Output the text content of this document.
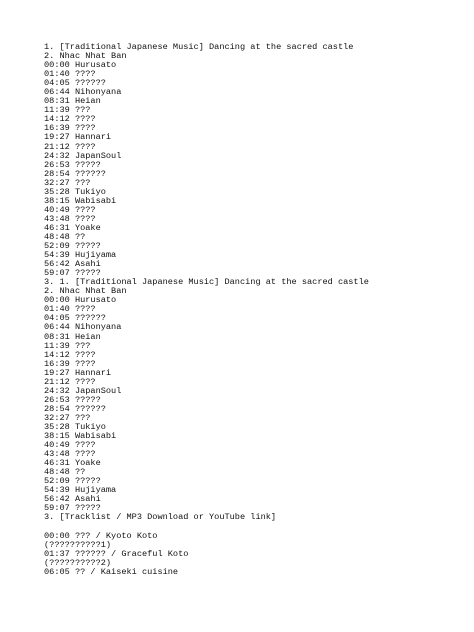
1. [Traditional Japanese Music] Dancing at the sacred castle
2. Nhac Nhat Ban
00:00 Hurusato
01:40 ????
04:05 ??????
06:44 Nihonyana
08:31 Heian
11:39 ???
14:12 ????
16:39 ????
19:27 Hannari
21:12 ????
24:32 JapanSoul
26:53 ?????
28:54 ??????
32:27 ???
35:28 Tukiyo
38:15 Wabisabi
40:49 ????
43:48 ????
46:31 Yoake
48:48 ??
52:09 ?????
54:39 Hujiyama
56:42 Asahi
59:07 ?????
3. 1. [Traditional Japanese Music] Dancing at the sacred castle
2. Nhac Nhat Ban
00:00 Hurusato
01:40 ????
04:05 ??????
06:44 Nihonyana
08:31 Heian
11:39 ???
14:12 ????
16:39 ????
19:27 Hannari
21:12 ????
24:32 JapanSoul
26:53 ?????
28:54 ??????
32:27 ???
35:28 Tukiyo
38:15 Wabisabi
40:49 ????
43:48 ????
46:31 Yoake
48:48 ??
52:09 ?????
54:39 Hujiyama
56:42 Asahi
59:07 ?????
3. [Tracklist / MP3 Download or YouTube link]
00:00 ??? / Kyoto Koto
(??????????1)
01:37 ?????? / Graceful Koto
(??????????2)
06:05 ?? / Kaiseki cuisine
